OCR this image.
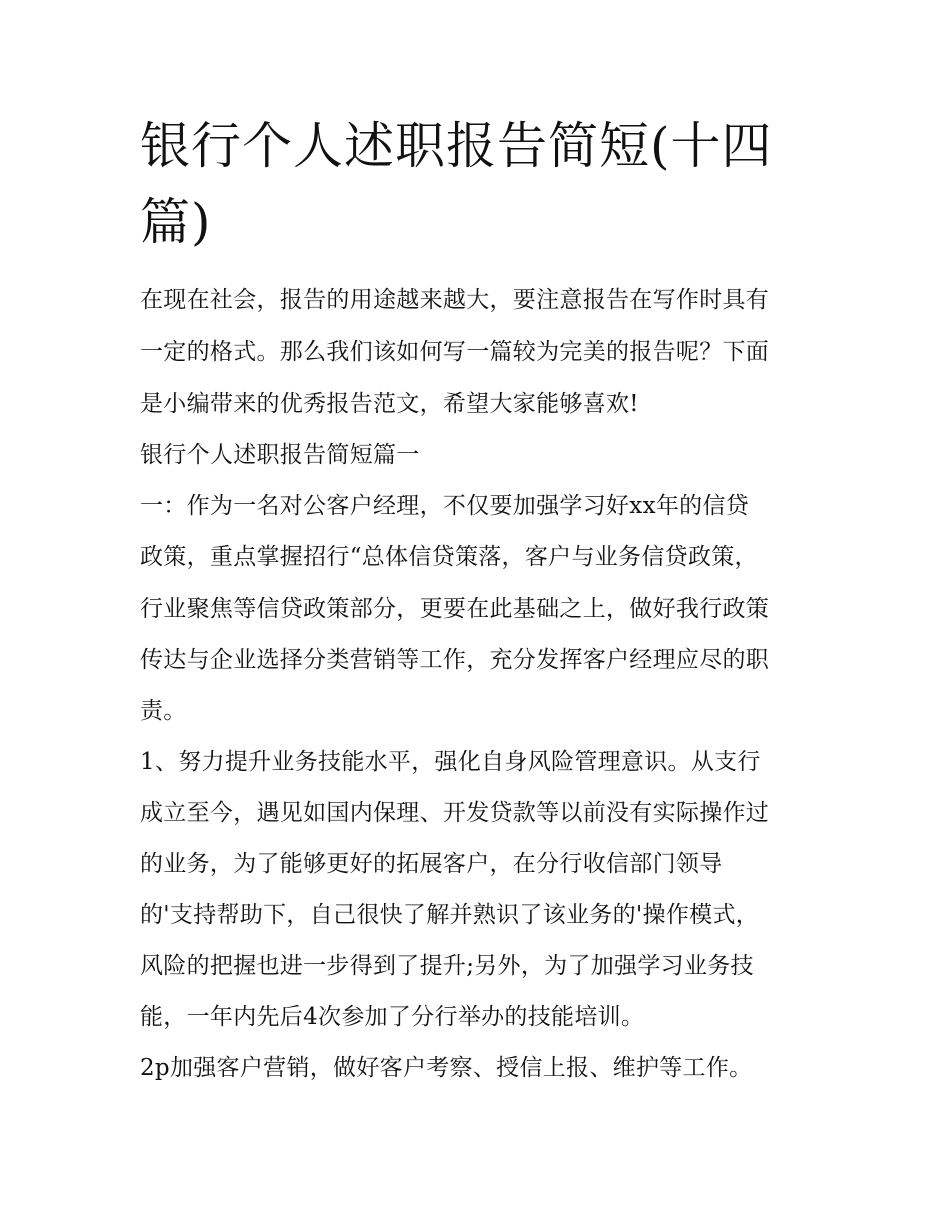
银行个人述职报告简短(十四篇)

在现在社会，报告的用途越来越大，要注意报告在写作时具有

一定的格式。那么我们该如何写一篇较为完美的报告呢？下面

是小编带来的优秀报告范文，希望大家能够喜欢!

银行个人述职报告简短篇一

一：作为一名对公客户经理，不仅要加强学习好xx年的信贷

政策，重点掌握招行“总体信贷策落，客户与业务信贷政策，

行业聚焦等信贷政策部分，更要在此基础之上，做好我行政策

传达与企业选择分类营销等工作，充分发挥客户经理应尽的职

责。

1、努力提升业务技能水平，强化自身风险管理意识。从支行

成立至今，遇见如国内保理、开发贷款等以前没有实际操作过

的业务，为了能够更好的拓展客户，在分行收信部门领导

的'支持帮助下，自己很快了解并熟识了该业务的'操作模式，

风险的把握也进一步得到了提升;另外，为了加强学习业务技

能，一年内先后4次参加了分行举办的技能培训。

2p加强客户营销，做好客户考察、授信上报、维护等工作。
